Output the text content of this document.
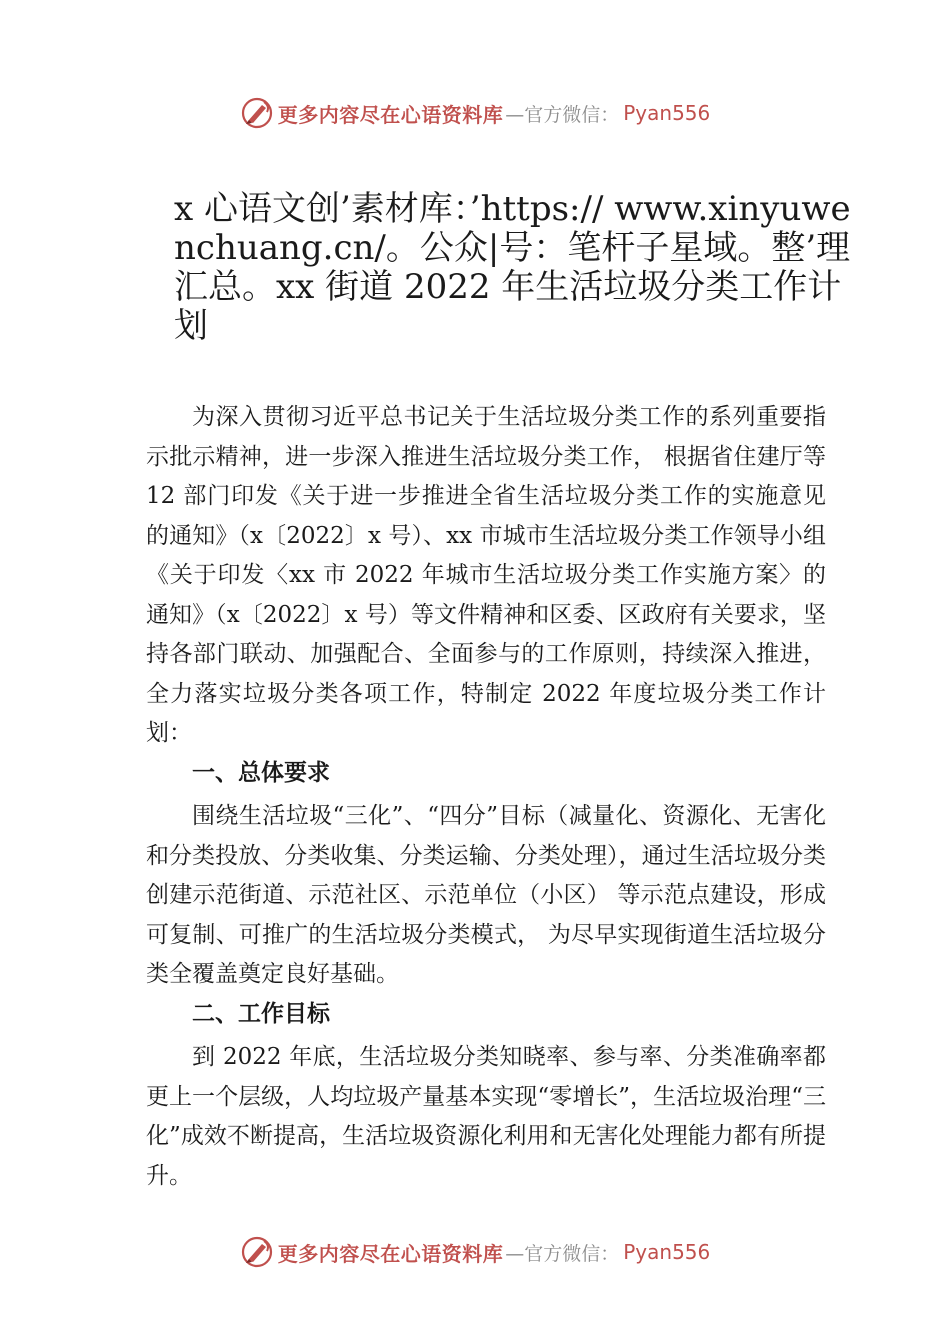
更多内容尽在心语资料库 —官方微信： Pyan556
x 心语文创’素材库：’https:// www.xinyuwenchuang.cn/。公众|号：笔杆子星域。整’理汇总。xx 街道 2022 年生活垃圾分类工作计划

为深入贯彻习近平总书记关于生活垃圾分类工作的系列重要指示批示精神，进一步深入推进生活垃圾分类工作， 根据省住建厅等 12 部门印发《关于进一步推进全省生活垃圾分类工作的实施意见的通知》（x〔2022〕x 号）、xx 市城市生活垃圾分类工作领导小组《关于印发〈xx 市 2022 年城市生活垃圾分类工作实施方案〉的通知》（x〔2022〕x 号）等文件精神和区委、区政府有关要求，坚持各部门联动、加强配合、全面参与的工作原则，持续深入推进，全力落实垃圾分类各项工作，特制定 2022 年度垃圾分类工作计划：

一、总体要求

围绕生活垃圾“三化”、“四分”目标（减量化、资源化、无害化和分类投放、分类收集、分类运输、分类处理），通过生活垃圾分类创建示范街道、示范社区、示范单位（小区） 等示范点建设，形成可复制、可推广的生活垃圾分类模式， 为尽早实现街道生活垃圾分类全覆盖奠定良好基础。

二、工作目标

到 2022 年底，生活垃圾分类知晓率、参与率、分类准确率都更上一个层级，人均垃圾产量基本实现“零增长”，生活垃圾治理“三化”成效不断提高，生活垃圾资源化利用和无害化处理能力都有所提升。

更多内容尽在心语资料库 —官方微信： Pyan556
